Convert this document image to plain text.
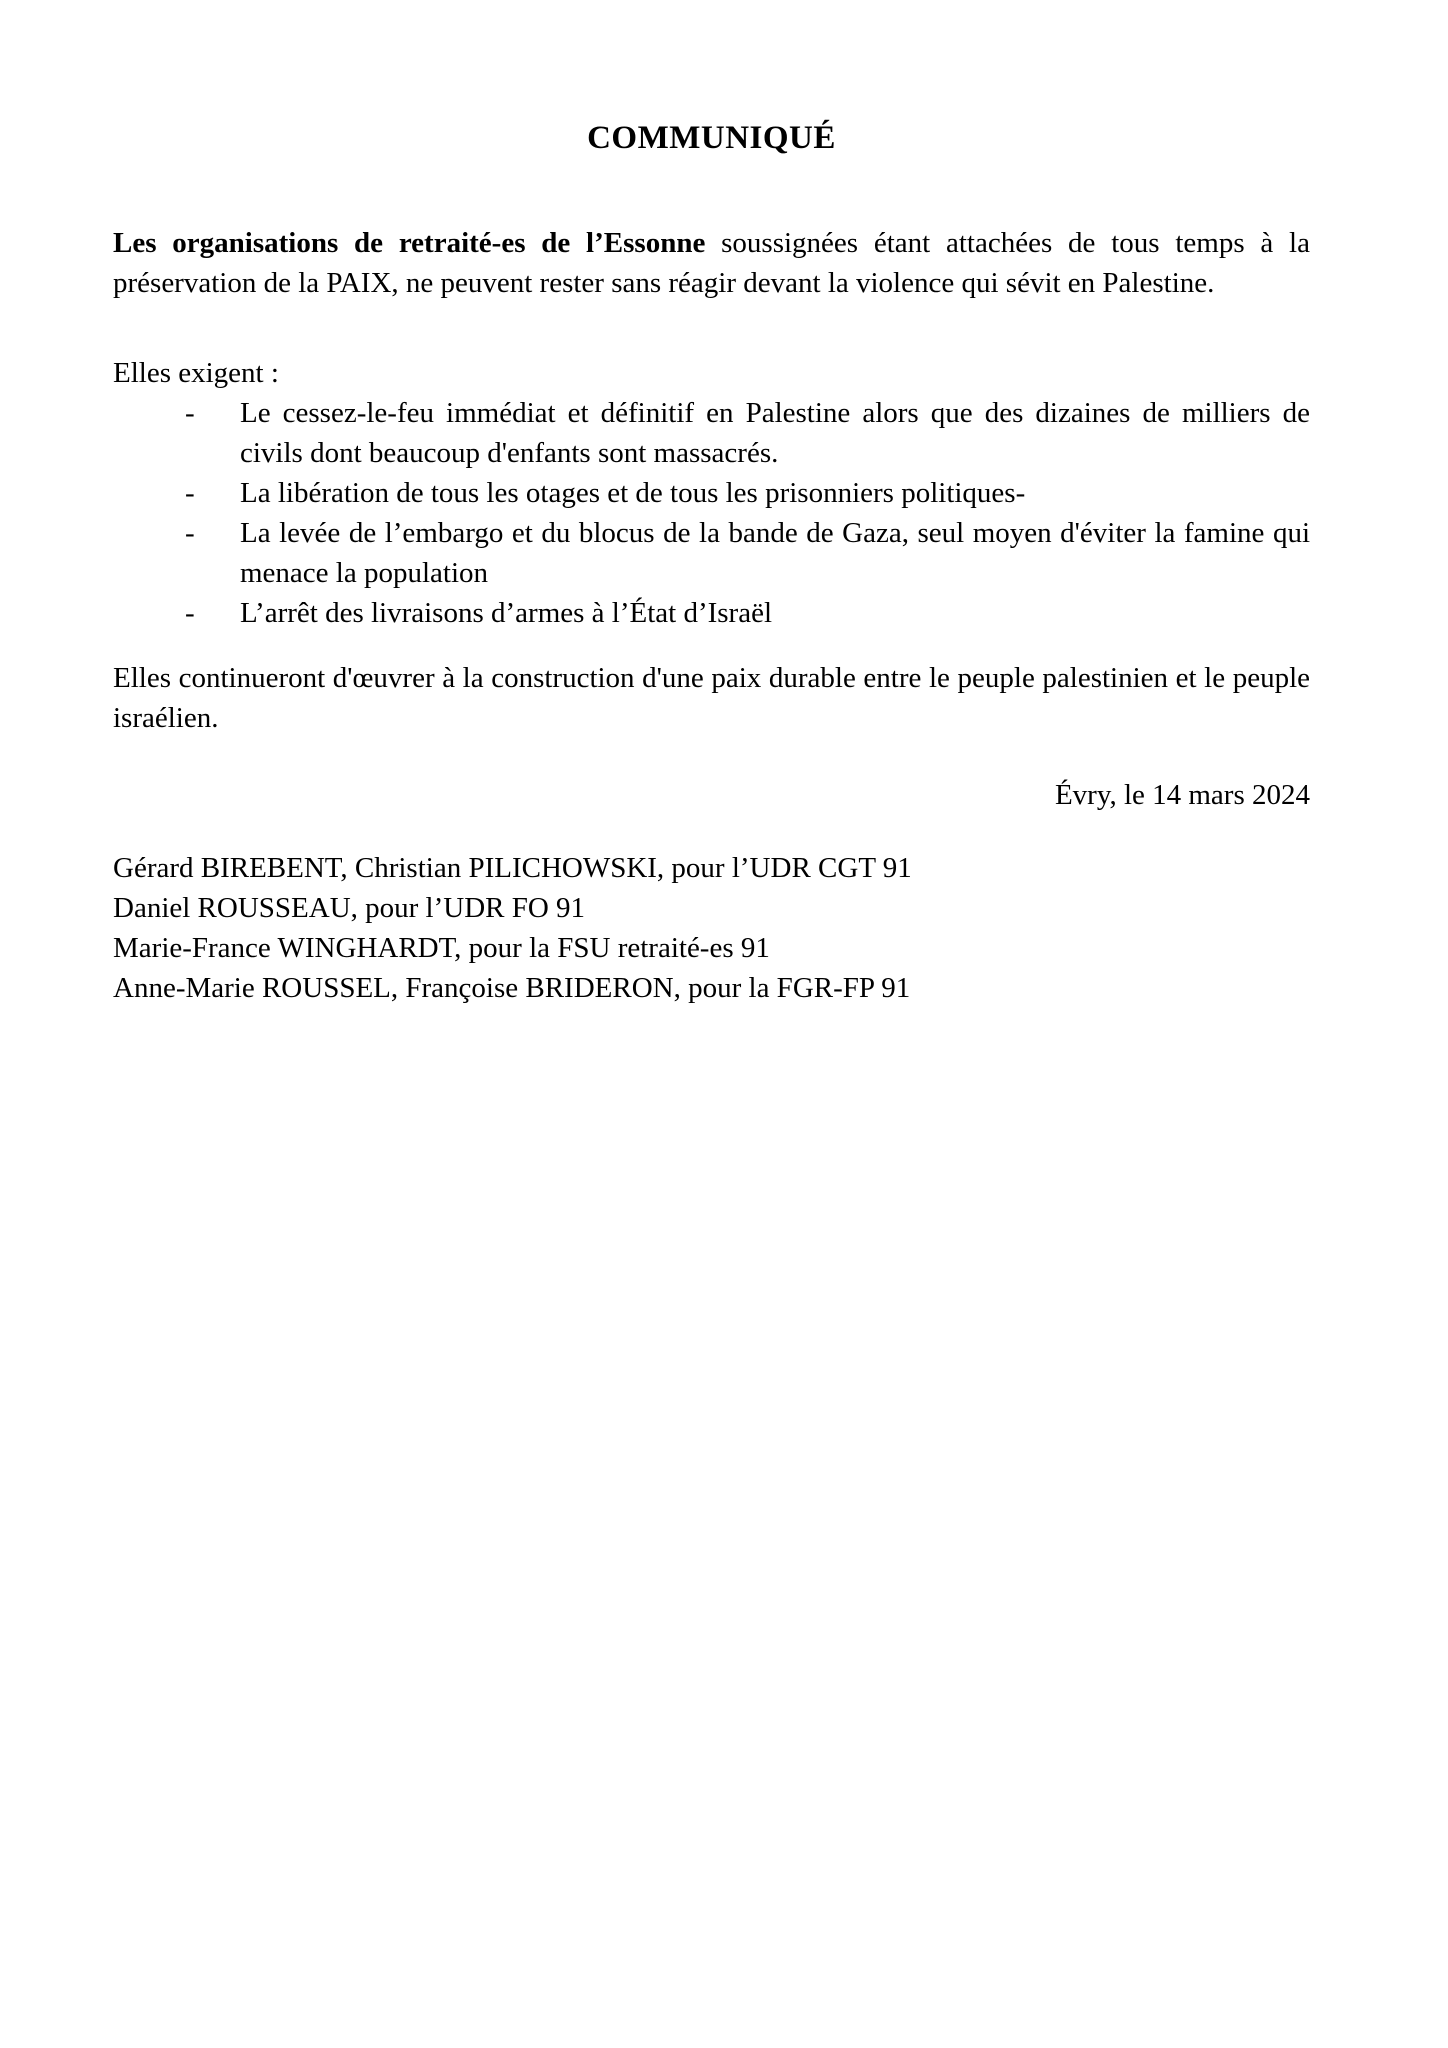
COMMUNIQUÉ

Les organisations de retraité-es de l’Essonne soussignées étant attachées de tous temps à la préservation de la PAIX, ne peuvent rester sans réagir devant la violence qui sévit en Palestine.

Elles exigent :

-	Le cessez-le-feu immédiat et définitif en Palestine alors que des dizaines de milliers de civils dont beaucoup d'enfants sont massacrés.
-	La libération de tous les otages et de tous les prisonniers politiques-
-	La levée de l’embargo et du blocus de la bande de Gaza, seul moyen d'éviter la famine qui menace la population
-	L’arrêt des livraisons d’armes à l’État d’Israël

Elles continueront d'œuvrer à la construction d'une paix durable entre le peuple palestinien et le peuple israélien.

Évry, le 14 mars 2024

Gérard BIREBENT, Christian PILICHOWSKI, pour l’UDR CGT 91

Daniel ROUSSEAU, pour l’UDR FO 91

Marie-France WINGHARDT, pour la FSU retraité-es 91

Anne-Marie ROUSSEL, Françoise BRIDERON, pour la FGR-FP 91
